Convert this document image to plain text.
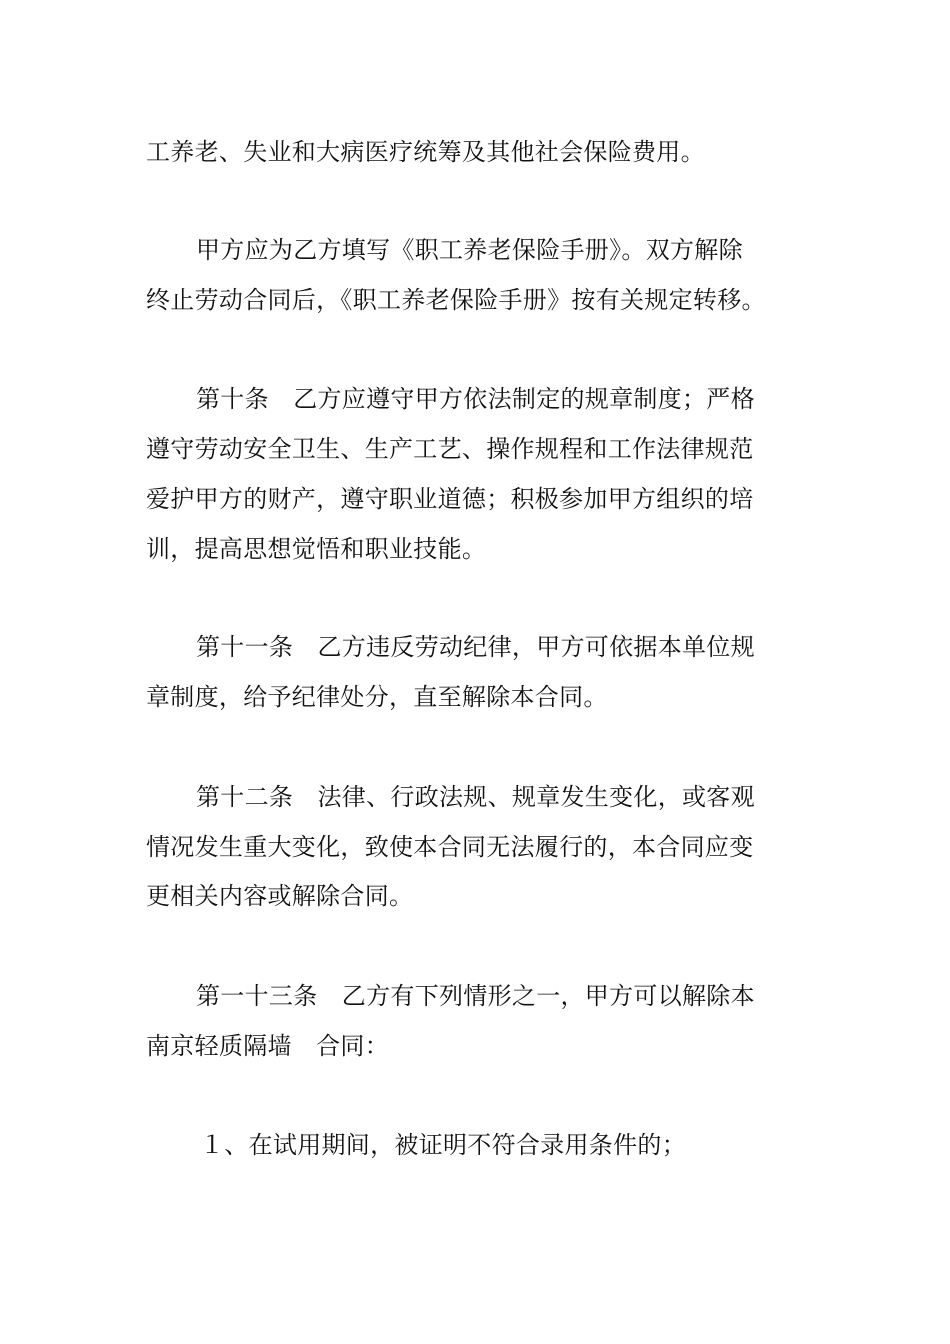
工养老、失业和大病医疗统筹及其他社会保险费用。
甲方应为乙方填写《职工养老保险手册》。双方解除
终止劳动合同后，《职工养老保险手册》按有关规定转移。
第十条　乙方应遵守甲方依法制定的规章制度；严格
遵守劳动安全卫生、生产工艺、操作规程和工作法律规范
爱护甲方的财产，遵守职业道德；积极参加甲方组织的培
训，提高思想觉悟和职业技能。
第十一条　乙方违反劳动纪律，甲方可依据本单位规
章制度，给予纪律处分，直至解除本合同。
第十二条　法律、行政法规、规章发生变化，或客观
情况发生重大变化，致使本合同无法履行的，本合同应变
更相关内容或解除合同。
第一十三条　乙方有下列情形之一，甲方可以解除本
南京轻质隔墙　合同：
１、在试用期间，被证明不符合录用条件的；
